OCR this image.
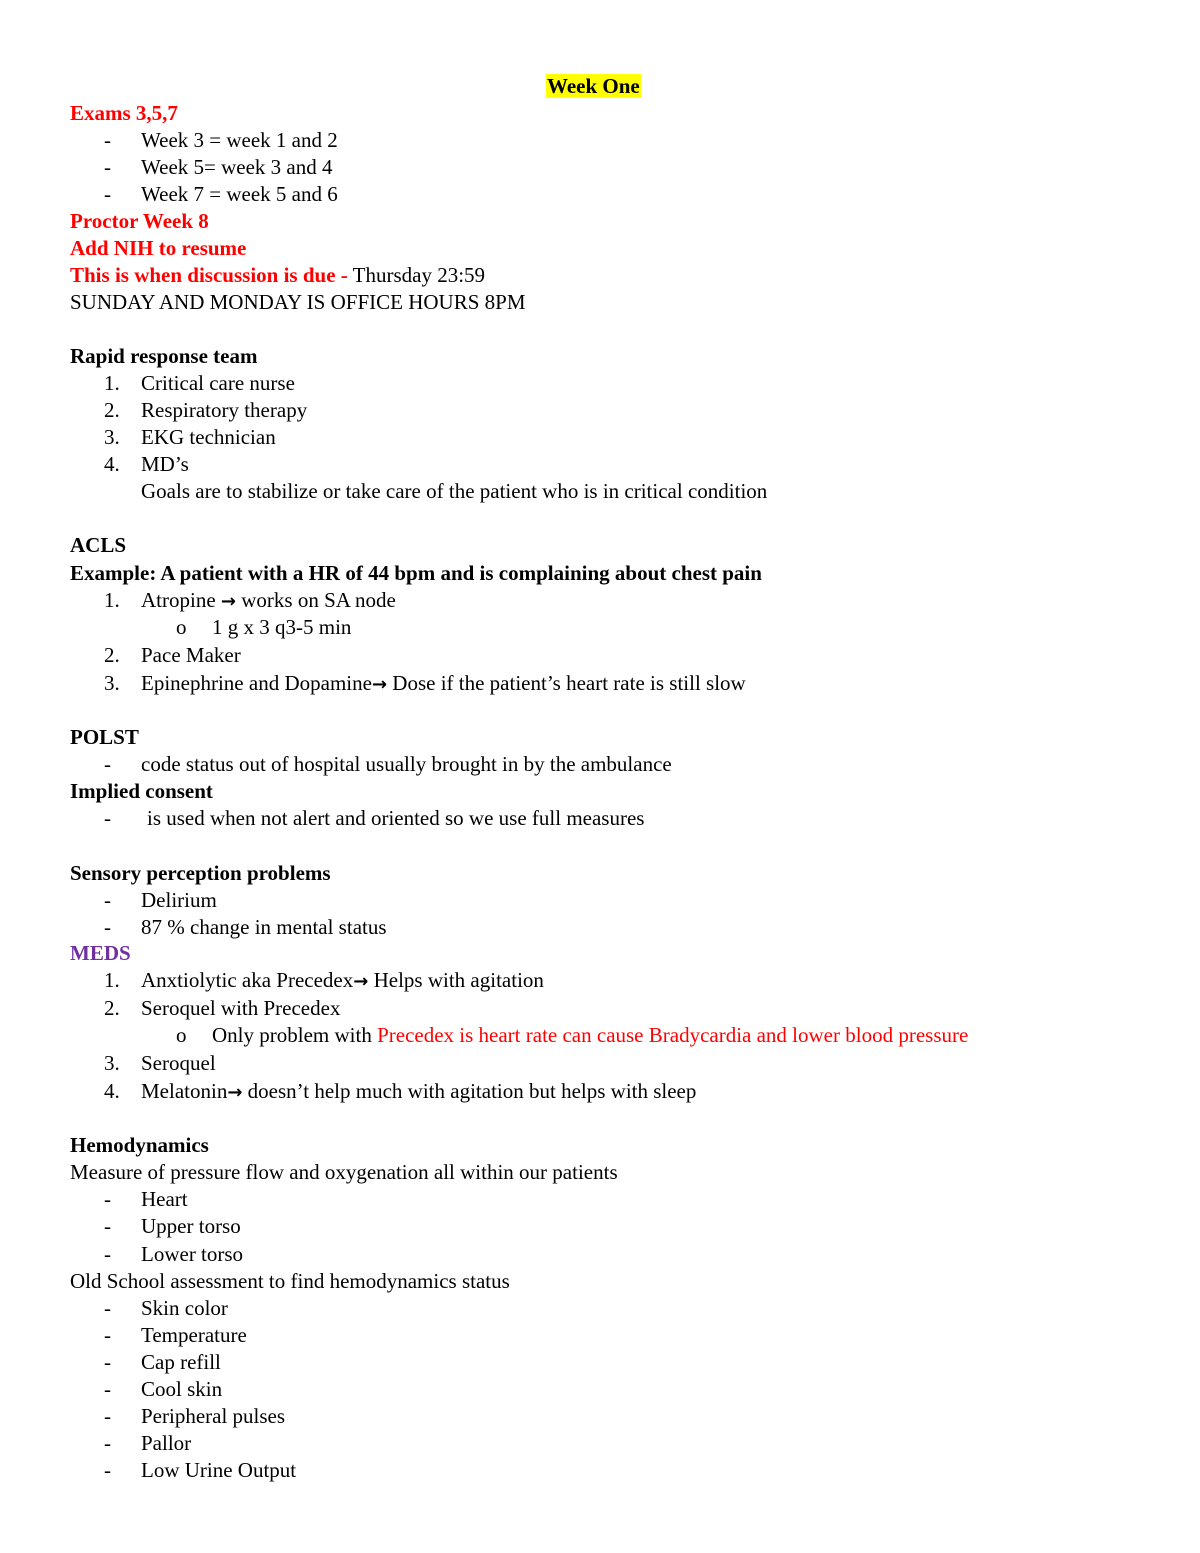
Week One
Exams 3,5,7
- Week 3 = week 1 and 2
- Week 5= week 3 and 4
- Week 7 = week 5 and 6
Proctor Week 8
Add NIH to resume
This is when discussion is due - Thursday 23:59
SUNDAY AND MONDAY IS OFFICE HOURS 8PM
Rapid response team
1. Critical care nurse
2. Respiratory therapy
3. EKG technician
4. MD’s
Goals are to stabilize or take care of the patient who is in critical condition
ACLS
Example: A patient with a HR of 44 bpm and is complaining about chest pain
1. Atropine → works on SA node
o 1 g x 3 q3-5 min
2. Pace Maker
3. Epinephrine and Dopamine→ Dose if the patient’s heart rate is still slow
POLST
- code status out of hospital usually brought in by the ambulance
Implied consent
- is used when not alert and oriented so we use full measures
Sensory perception problems
- Delirium
- 87 % change in mental status
MEDS
1. Anxtiolytic aka Precedex→ Helps with agitation
2. Seroquel with Precedex
o Only problem with Precedex is heart rate can cause Bradycardia and lower blood pressure
3. Seroquel
4. Melatonin→ doesn’t help much with agitation but helps with sleep
Hemodynamics
Measure of pressure flow and oxygenation all within our patients
- Heart
- Upper torso
- Lower torso
Old School assessment to find hemodynamics status
- Skin color
- Temperature
- Cap refill
- Cool skin
- Peripheral pulses
- Pallor
- Low Urine Output
